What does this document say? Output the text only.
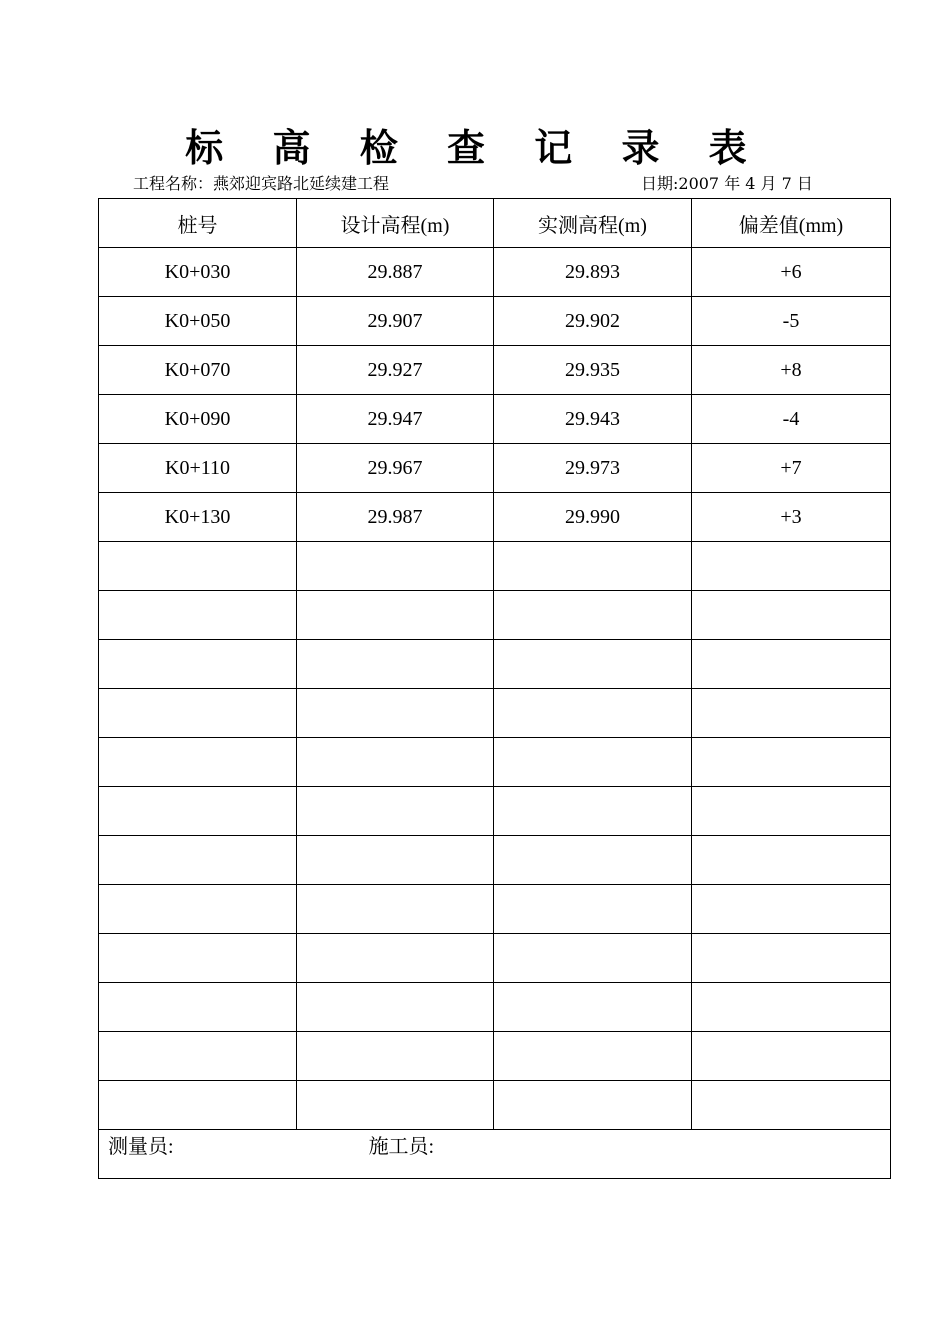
标 高 检 查 记 录 表
工程名称：燕郊迎宾路北延续建工程	日期:2007 年 4 月 7 日
桩号	设计高程(m)	实测高程(m)	偏差值(mm)
K0+030	29.887	29.893	+6
K0+050	29.907	29.902	-5
K0+070	29.927	29.935	+8
K0+090	29.947	29.943	-4
K0+110	29.967	29.973	+7
K0+130	29.987	29.990	+3

测量员: 施工员:			
